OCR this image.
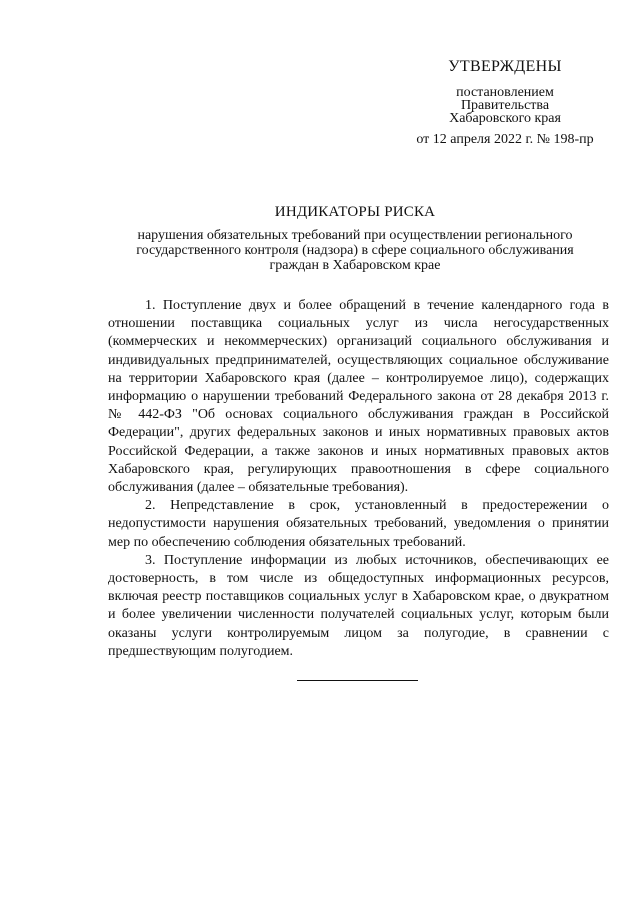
УТВЕРЖДЕНЫ
постановлением
Правительства
Хабаровского края
от 12 апреля 2022 г. № 198-пр
ИНДИКАТОРЫ РИСКА
нарушения обязательных требований при осуществлении регионального государственного контроля (надзора) в сфере социального обслуживания граждан в Хабаровском крае

1. Поступление двух и более обращений в течение календарного года в отношении поставщика социальных услуг из числа негосударственных (коммерческих и некоммерческих) организаций социального обслуживания и индивидуальных предпринимателей, осуществляющих социальное обслуживание на территории Хабаровского края (далее – контролируемое лицо), содержащих информацию о нарушении требований Федерального закона от 28 декабря 2013 г. № 442-ФЗ "Об основах социального обслуживания граждан в Российской Федерации", других федеральных законов и иных нормативных правовых актов Российской Федерации, а также законов и иных нормативных правовых актов Хабаровского края, регулирующих правоотношения в сфере социального обслуживания (далее – обязательные требования).

2. Непредставление в срок, установленный в предостережении о недопустимости нарушения обязательных требований, уведомления о принятии мер по обеспечению соблюдения обязательных требований.

3. Поступление информации из любых источников, обеспечивающих ее достоверность, в том числе из общедоступных информационных ресурсов, включая реестр поставщиков социальных услуг в Хабаровском крае, о двукратном и более увеличении численности получателей социальных услуг, которым были оказаны услуги контролируемым лицом за полугодие, в сравнении с предшествующим полугодием.
